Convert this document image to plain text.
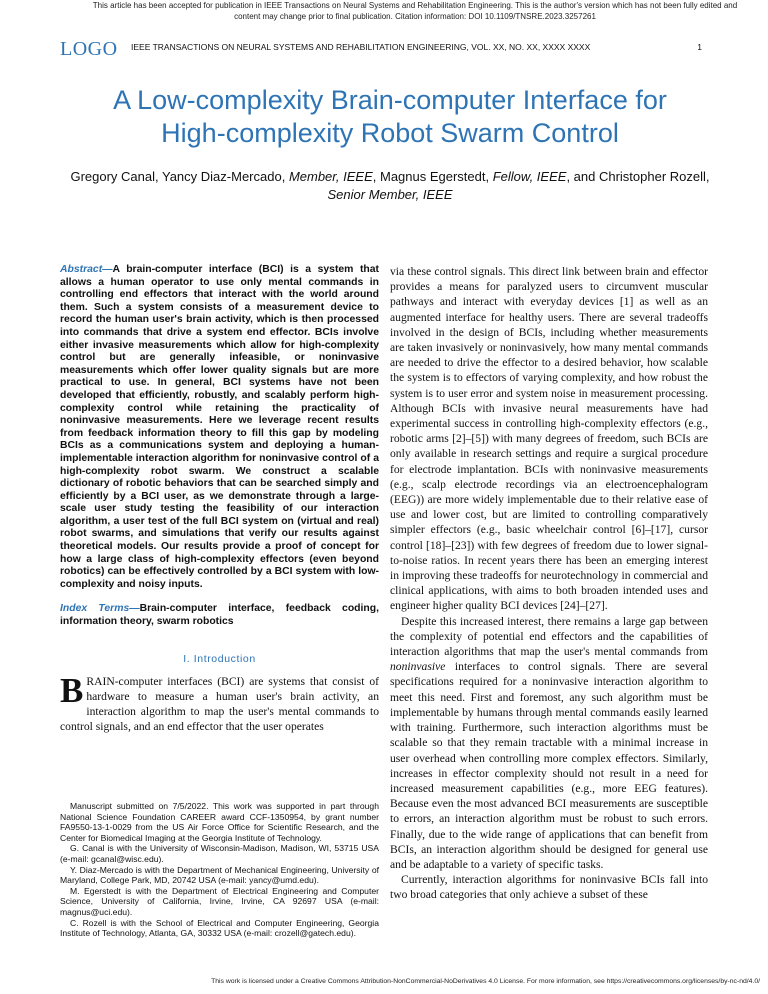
This article has been accepted for publication in IEEE Transactions on Neural Systems and Rehabilitation Engineering. This is the author's version which has not been fully edited and
content may change prior to final publication. Citation information: DOI 10.1109/TNSRE.2023.3257261
LOGO IEEE TRANSACTIONS ON NEURAL SYSTEMS AND REHABILITATION ENGINEERING, VOL. XX, NO. XX, XXXX XXXX	1
A Low-complexity Brain-computer Interface for
High-complexity Robot Swarm Control
Gregory Canal, Yancy Diaz-Mercado, Member, IEEE, Magnus Egerstedt, Fellow, IEEE, and Christopher Rozell, Senior Member, IEEE

Abstract—A brain-computer interface (BCI) is a system that allows a human operator to use only mental commands in controlling end effectors that interact with the world around them. Such a system consists of a measurement device to record the human user's brain activity, which is then processed into commands that drive a system end effector. BCIs involve either invasive measurements which allow for high-complexity control but are generally infeasible, or noninvasive measurements which offer lower quality signals but are more practical to use. In general, BCI systems have not been developed that efficiently, robustly, and scalably perform high-complexity control while retaining the practicality of noninvasive measurements. Here we leverage recent results from feedback information theory to fill this gap by modeling BCIs as a communications system and deploying a human-implementable interaction algorithm for noninvasive control of a high-complexity robot swarm. We construct a scalable dictionary of robotic behaviors that can be searched simply and efficiently by a BCI user, as we demonstrate through a large-scale user study testing the feasibility of our interaction algorithm, a user test of the full BCI system on (virtual and real) robot swarms, and simulations that verify our results against theoretical models. Our results provide a proof of concept for how a large class of high-complexity effectors (even beyond robotics) can be effectively controlled by a BCI system with low-complexity and noisy inputs.

Index Terms—Brain-computer interface, feedback coding, information theory, swarm robotics

I. Introduction

BRAIN-computer interfaces (BCI) are systems that consist of hardware to measure a human user's brain activity, an interaction algorithm to map the user's mental commands to control signals, and an end effector that the user operates

Manuscript submitted on 7/5/2022. This work was supported in part through National Science Foundation CAREER award CCF-1350954, by grant number FA9550-13-1-0029 from the US Air Force Office for Scientific Research, and the Center for Biomedical Imaging at the Georgia Institute of Technology.

G. Canal is with the University of Wisconsin-Madison, Madison, WI, 53715 USA (e-mail: gcanal@wisc.edu).

Y. Diaz-Mercado is with the Department of Mechanical Engineering, University of Maryland, College Park, MD, 20742 USA (e-mail: yancy@umd.edu).

M. Egerstedt is with the Department of Electrical Engineering and Computer Science, University of California, Irvine, Irvine, CA 92697 USA (e-mail: magnus@uci.edu).

C. Rozell is with the School of Electrical and Computer Engineering, Georgia Institute of Technology, Atlanta, GA, 30332 USA (e-mail: crozell@gatech.edu).

via these control signals. This direct link between brain and effector provides a means for paralyzed users to circumvent muscular pathways and interact with everyday devices [1] as well as an augmented interface for healthy users. There are several tradeoffs involved in the design of BCIs, including whether measurements are taken invasively or noninvasively, how many mental commands are needed to drive the effector to a desired behavior, how scalable the system is to effectors of varying complexity, and how robust the system is to user error and system noise in measurement processing. Although BCIs with invasive neural measurements have had experimental success in controlling high-complexity effectors (e.g., robotic arms [2]–[5]) with many degrees of freedom, such BCIs are only available in research settings and require a surgical procedure for electrode implantation. BCIs with noninvasive measurements (e.g., scalp electrode recordings via an electroencephalogram (EEG)) are more widely implementable due to their relative ease of use and lower cost, but are limited to controlling comparatively simpler effectors (e.g., basic wheelchair control [6]–[17], cursor control [18]–[23]) with few degrees of freedom due to lower signal-to-noise ratios. In recent years there has been an emerging interest in improving these tradeoffs for neurotechnology in commercial and clinical applications, with aims to both broaden intended uses and engineer higher quality BCI devices [24]–[27].

Despite this increased interest, there remains a large gap between the complexity of potential end effectors and the capabilities of interaction algorithms that map the user's mental commands from noninvasive interfaces to control signals. There are several specifications required for a noninvasive interaction algorithm to meet this need. First and foremost, any such algorithm must be implementable by humans through mental commands easily learned with training. Furthermore, such interaction algorithms must be scalable so that they remain tractable with a minimal increase in user overhead when controlling more complex effectors. Similarly, increases in effector complexity should not result in a need for increased measurement capabilities (e.g., more EEG features). Because even the most advanced BCI measurements are susceptible to errors, an interaction algorithm must be robust to such errors. Finally, due to the wide range of applications that can benefit from BCIs, an interaction algorithm should be designed for general use and be adaptable to a variety of specific tasks.

Currently, interaction algorithms for noninvasive BCIs fall into two broad categories that only achieve a subset of these

This work is licensed under a Creative Commons Attribution-NonCommercial-NoDerivatives 4.0 License. For more information, see https://creativecommons.org/licenses/by-nc-nd/4.0/
